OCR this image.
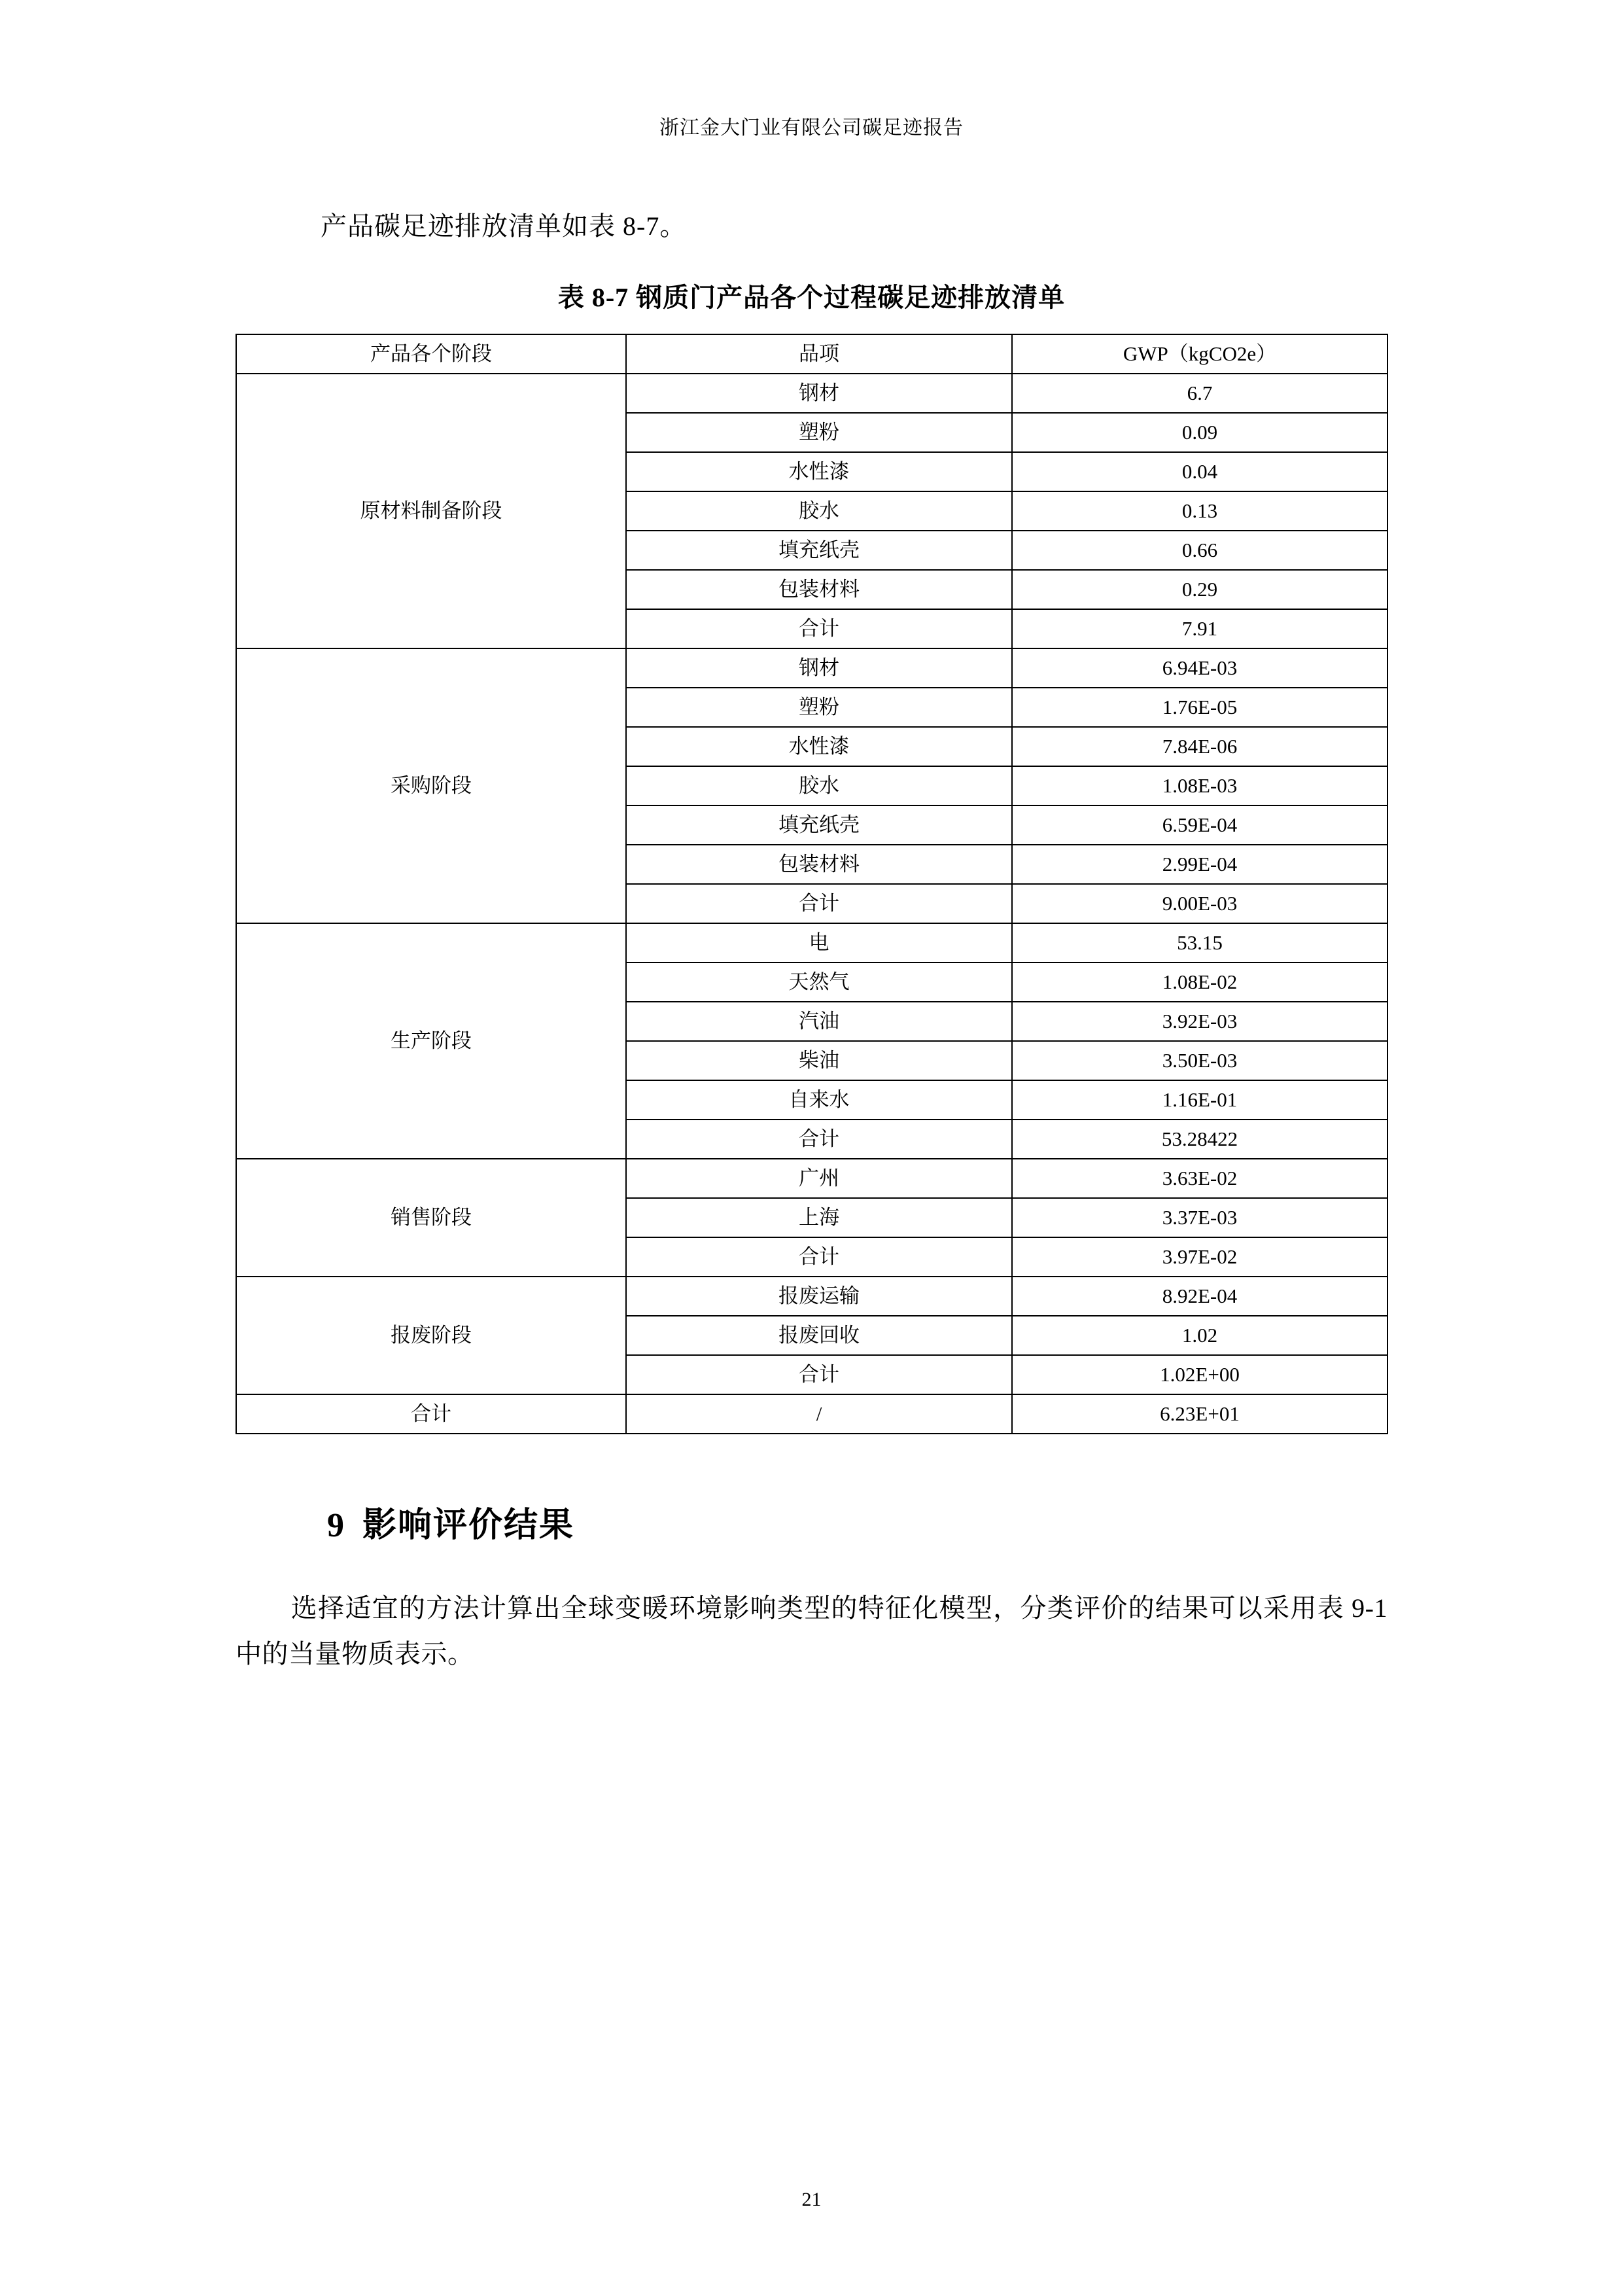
浙江金大门业有限公司碳足迹报告
产品碳足迹排放清单如表 8-7。
表 8-7 钢质门产品各个过程碳足迹排放清单
产品各个阶段	品项	GWP（kgCO2e）
原材料制备阶段	钢材	6.7
	塑粉	0.09
	水性漆	0.04
	胶水	0.13
	填充纸壳	0.66
	包装材料	0.29
	合计	7.91
采购阶段	钢材	6.94E-03
	塑粉	1.76E-05
	水性漆	7.84E-06
	胶水	1.08E-03
	填充纸壳	6.59E-04
	包装材料	2.99E-04
	合计	9.00E-03
生产阶段	电	53.15
	天然气	1.08E-02
	汽油	3.92E-03
	柴油	3.50E-03
	自来水	1.16E-01
	合计	53.28422
销售阶段	广州	3.63E-02
	上海	3.37E-03
	合计	3.97E-02
报废阶段	报废运输	8.92E-04
	报废回收	1.02
	合计	1.02E+00
合计	/	6.23E+01
9 影响评价结果
选择适宜的方法计算出全球变暖环境影响类型的特征化模型，分类评价的结果可以采用表 9-1 中的当量物质表示。
21
